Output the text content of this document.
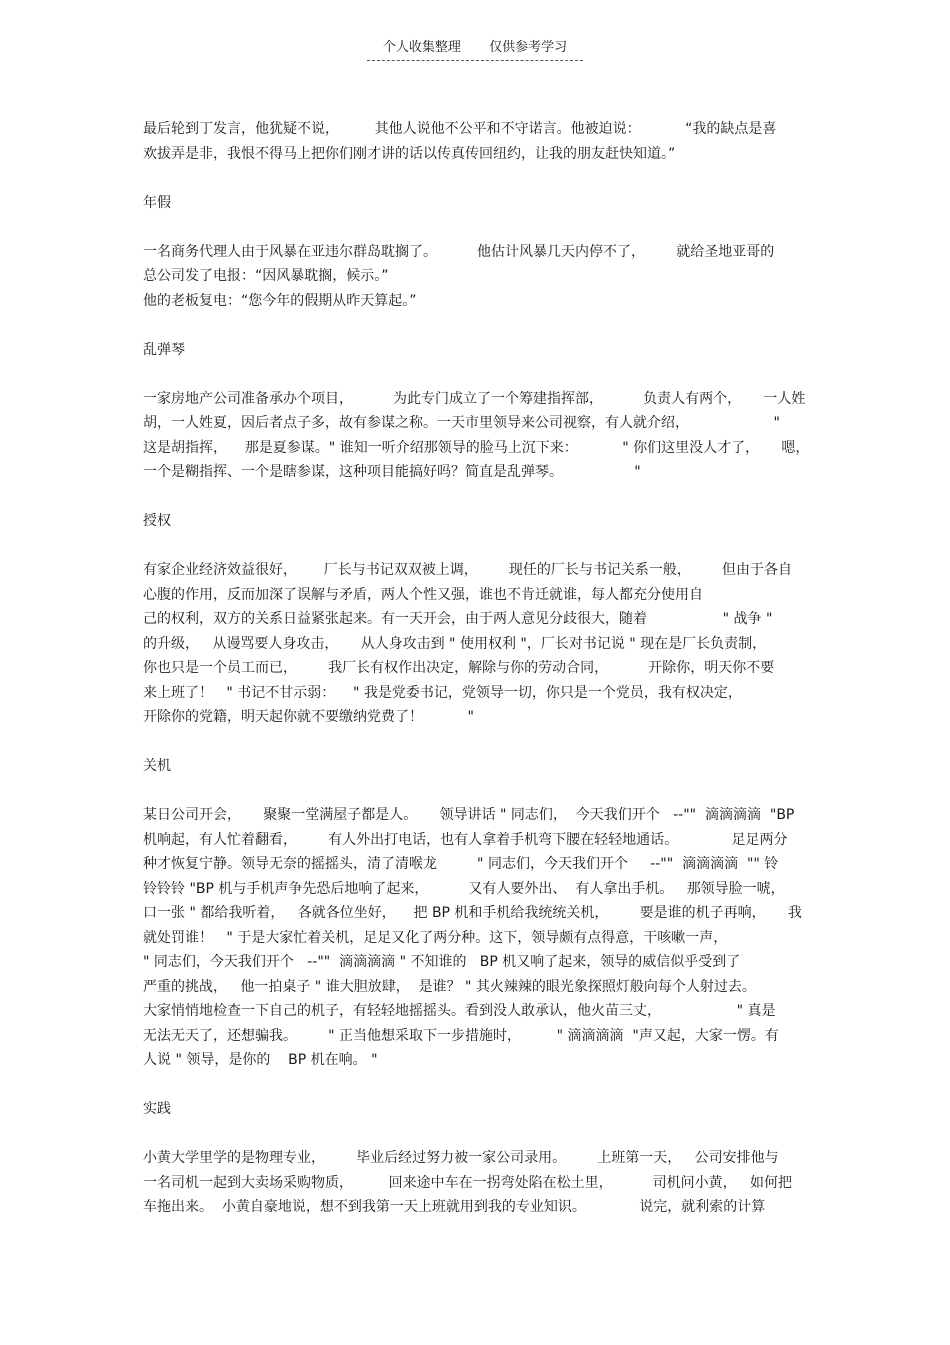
个人收集整理 仅供参考学习
最后轮到丁发言，他犹疑不说，        其他人说他不公平和不守诺言。他被迫说：          “我的缺点是喜
欢拔弄是非，我恨不得马上把你们刚才讲的话以传真传回纽约，让我的朋友赶快知道。”
年假
一名商务代理人由于风暴在亚违尔群岛耽搁了。         他估计风暴几天内停不了，       就给圣地亚哥的
总公司发了电报：“因风暴耽搁，候示。”
他的老板复电：“您今年的假期从昨天算起。”
乱弹琴
一家房地产公司准备承办个项目，         为此专门成立了一个筹建指挥部，         负责人有两个，     一人姓
胡，一人姓夏，因后者点子多，故有参谋之称。一天市里领导来公司视察，有人就介绍，                   "
这是胡指挥，    那是夏参谋。" 谁知一听介绍那领导的脸马上沉下来：          " 你们这里没人才了，     嗯，
一个是糊指挥、一个是瞎参谋，这种项目能搞好吗？简直是乱弹琴。                "
授权
有家企业经济效益很好，      厂长与书记双双被上调，       现任的厂长与书记关系一般，       但由于各自
心腹的作用，反而加深了误解与矛盾，两人个性又强，谁也不肯迁就谁，每人都充分使用自
己的权利，双方的关系日益紧张起来。有一天开会，由于两人意见分歧很大，随着                 " 战争 "
的升级，   从谩骂要人身攻击，     从人身攻击到 " 使用权利 "，厂长对书记说 " 现在是厂长负责制，
你也只是一个员工而已，       我厂长有权作出决定，解除与你的劳动合同，         开除你，明天你不要
来上班了！   " 书记不甘示弱：    " 我是党委书记，党领导一切，你只是一个党员，我有权决定，
开除你的党籍，明天起你就不要缴纳党费了！          "
关机
某日公司开会，     聚聚一堂满屋子都是人。     领导讲话 " 同志们，  今天我们开个   --""  滴滴滴滴  "BP
机响起，有人忙着翻看，       有人外出打电话，也有人拿着手机弯下腰在轻轻地通话。            足足两分
种才恢复宁静。领导无奈的摇摇头，清了清喉龙         " 同志们，今天我们开个     --""  滴滴滴滴  "" 铃
铃铃铃 "BP 机与手机声争先恐后地响了起来，         又有人要外出、  有人拿出手机。   那领导脸一唬，
口一张 " 都给我听着，   各就各位坐好，    把 BP 机和手机给我统统关机，       要是谁的机子再响，     我
就处罚谁！   " 于是大家忙着关机，足足又化了两分种。这下，领导颇有点得意，干咳嗽一声，
" 同志们，今天我们开个   --""  滴滴滴滴 " 不知谁的   BP 机又响了起来，领导的威信似乎受到了
严重的挑战，   他一拍桌子 " 谁大胆放肆，  是谁？ " 其火辣辣的眼光象探照灯般向每个人射过去。
大家悄悄地检查一下自己的机子，有轻轻地摇摇头。看到没人敢承认，他火苗三丈，                 " 真是
无法无天了，还想骗我。       " 正当他想采取下一步措施时，        " 滴滴滴滴  "声又起，大家一愣。有
人说 " 领导，是你的    BP 机在响。 "
实践
小黄大学里学的是物理专业，       毕业后经过努力被一家公司录用。       上班第一天，   公司安排他与
一名司机一起到大卖场采购物质，        回来途中车在一拐弯处陷在松土里，         司机问小黄，   如何把
车拖出来。  小黄自豪地说，想不到我第一天上班就用到我的专业知识。            说完，就利索的计算
